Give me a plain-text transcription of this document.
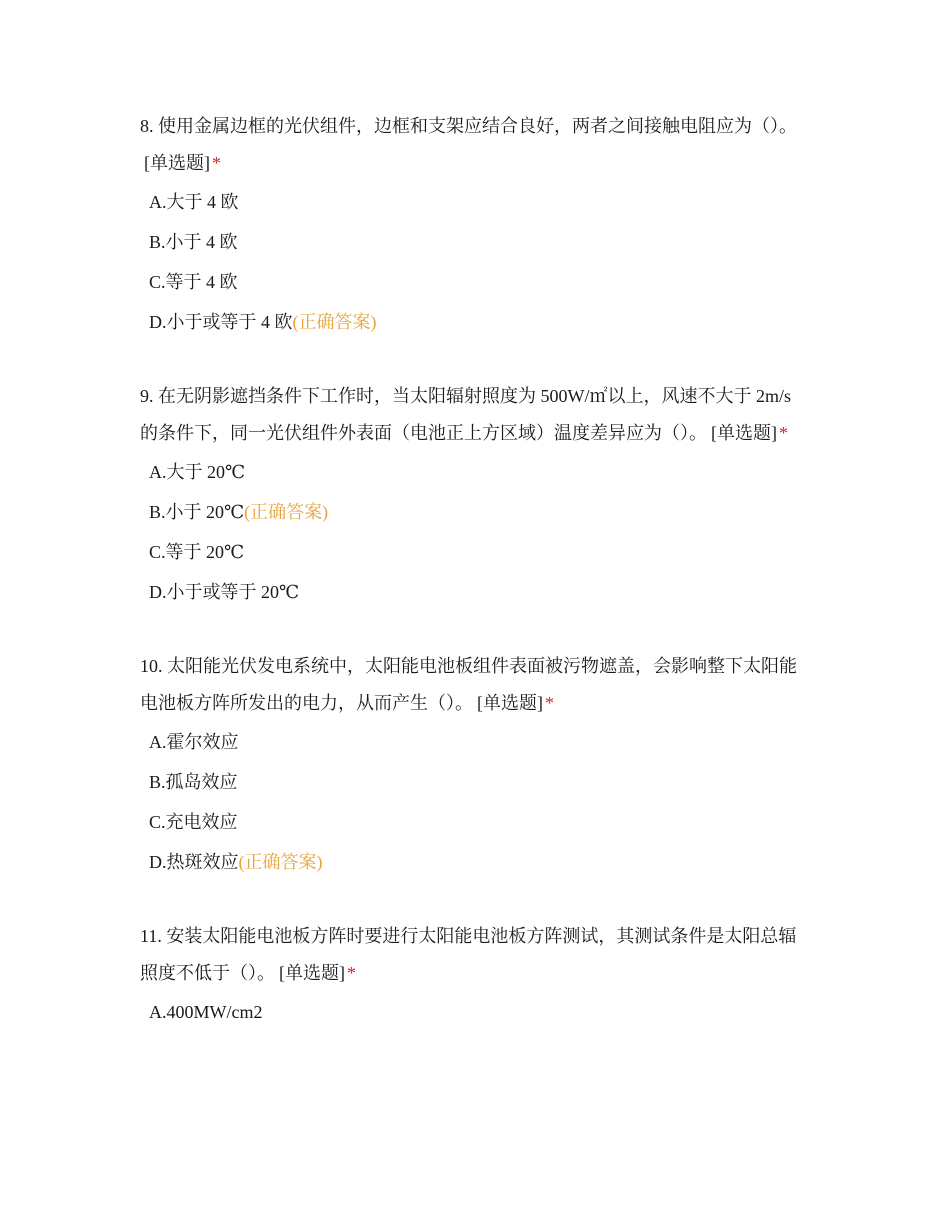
8. 使用金属边框的光伏组件，边框和支架应结合良好，两者之间接触电阻应为（）。[单选题] *
A.大于 4 欧
B.小于 4 欧
C.等于 4 欧
D.小于或等于 4 欧(正确答案)
9. 在无阴影遮挡条件下工作时，当太阳辐射照度为 500W/㎡以上，风速不大于 2m/s 的条件下，同一光伏组件外表面（电池正上方区域）温度差异应为（）。 [单选题] *
A.大于 20℃
B.小于 20℃(正确答案)
C.等于 20℃
D.小于或等于 20℃
10. 太阳能光伏发电系统中，太阳能电池板组件表面被污物遮盖，会影响整下太阳能电池板方阵所发出的电力，从而产生（）。 [单选题] *
A.霍尔效应
B.孤岛效应
C.充电效应
D.热斑效应(正确答案)
11. 安装太阳能电池板方阵时要进行太阳能电池板方阵测试，其测试条件是太阳总辐照度不低于（）。 [单选题] *
A.400MW/cm2
